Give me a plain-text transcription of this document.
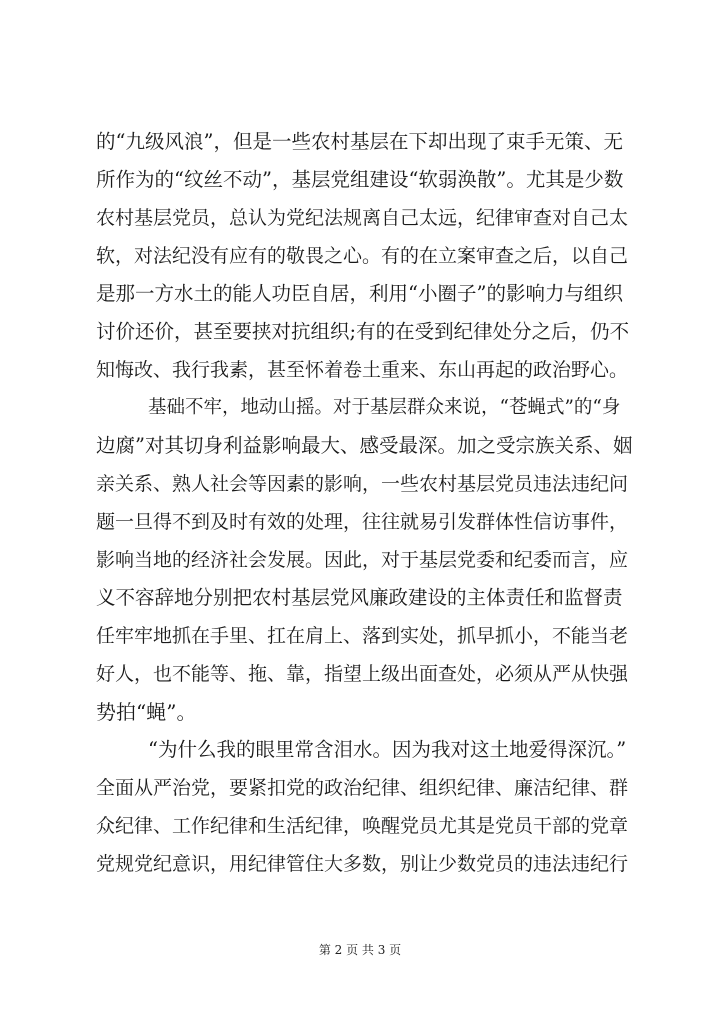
的“九级风浪”，但是一些农村基层在下却出现了束手无策、无
所作为的“纹丝不动”，基层党组建设“软弱涣散”。尤其是少数
农村基层党员，总认为党纪法规离自己太远，纪律审查对自己太
软，对法纪没有应有的敬畏之心。有的在立案审查之后，以自己
是那一方水土的能人功臣自居，利用“小圈子”的影响力与组织
讨价还价，甚至要挟对抗组织;有的在受到纪律处分之后，仍不
知悔改、我行我素，甚至怀着卷土重来、东山再起的政治野心。
基础不牢，地动山摇。对于基层群众来说，“苍蝇式”的“身
边腐”对其切身利益影响最大、感受最深。加之受宗族关系、姻
亲关系、熟人社会等因素的影响，一些农村基层党员违法违纪问
题一旦得不到及时有效的处理，往往就易引发群体性信访事件，
影响当地的经济社会发展。因此，对于基层党委和纪委而言，应
义不容辞地分别把农村基层党风廉政建设的主体责任和监督责
任牢牢地抓在手里、扛在肩上、落到实处，抓早抓小，不能当老
好人，也不能等、拖、靠，指望上级出面查处，必须从严从快强
势拍“蝇”。
“为什么我的眼里常含泪水。因为我对这土地爱得深沉。”
全面从严治党，要紧扣党的政治纪律、组织纪律、廉洁纪律、群
众纪律、工作纪律和生活纪律，唤醒党员尤其是党员干部的党章
党规党纪意识，用纪律管住大多数，别让少数党员的违法违纪行
第 2 页 共 3 页
